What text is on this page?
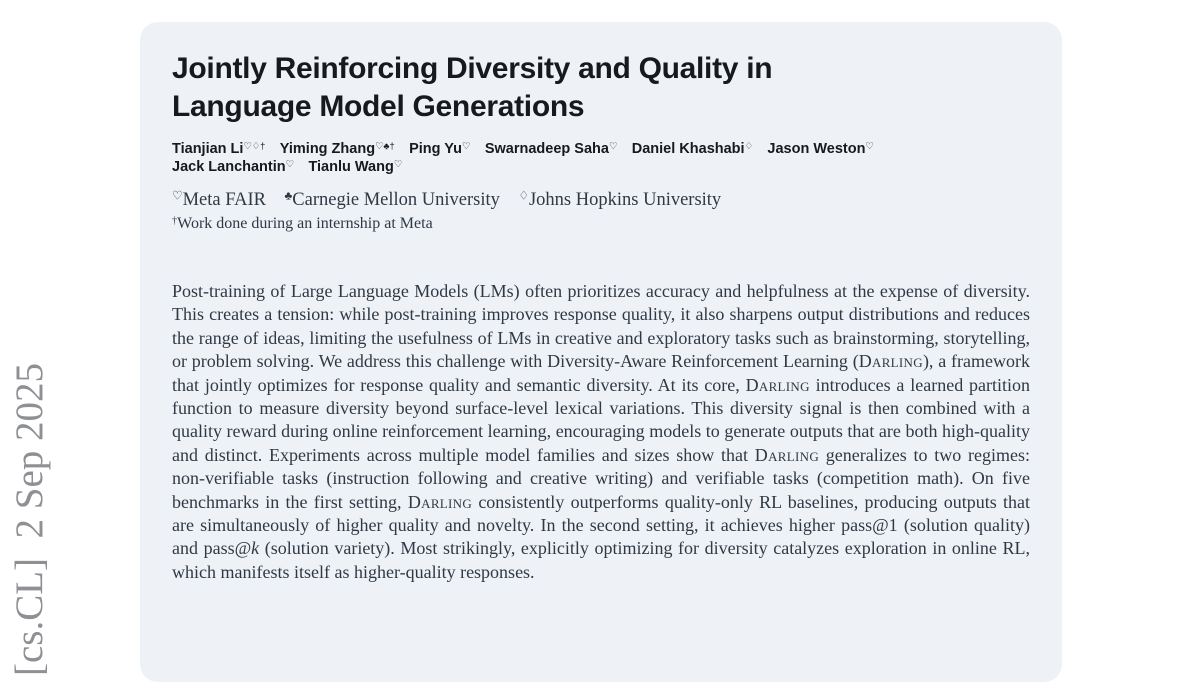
[cs.CL]  2 Sep 2025
Jointly Reinforcing Diversity and Quality in
Language Model Generations
Tianjian Li♡♢†   Yiming Zhang♡♣†   Ping Yu♡   Swarnadeep Saha♡   Daniel Khashabi♢   Jason Weston♡
Jack Lanchantin♡   Tianlu Wang♡
♡Meta FAIR   ♣Carnegie Mellon University   ♢Johns Hopkins University
†Work done during an internship at Meta

Post-training of Large Language Models (LMs) often prioritizes accuracy and helpfulness at the expense of diversity. This creates a tension: while post-training improves response quality, it also sharpens output distributions and reduces the range of ideas, limiting the usefulness of LMs in creative and exploratory tasks such as brainstorming, storytelling, or problem solving. We address this challenge with Diversity-Aware Reinforcement Learning (Darling), a framework that jointly optimizes for response quality and semantic diversity. At its core, Darling introduces a learned partition function to measure diversity beyond surface-level lexical variations. This diversity signal is then combined with a quality reward during online reinforcement learning, encouraging models to generate outputs that are both high-quality and distinct. Experiments across multiple model families and sizes show that Darling generalizes to two regimes: non-verifiable tasks (instruction following and creative writing) and verifiable tasks (competition math). On five benchmarks in the first setting, Darling consistently outperforms quality-only RL baselines, producing outputs that are simultaneously of higher quality and novelty. In the second setting, it achieves higher pass@1 (solution quality) and pass@k (solution variety). Most strikingly, explicitly optimizing for diversity catalyzes exploration in online RL, which manifests itself as higher-quality responses.
